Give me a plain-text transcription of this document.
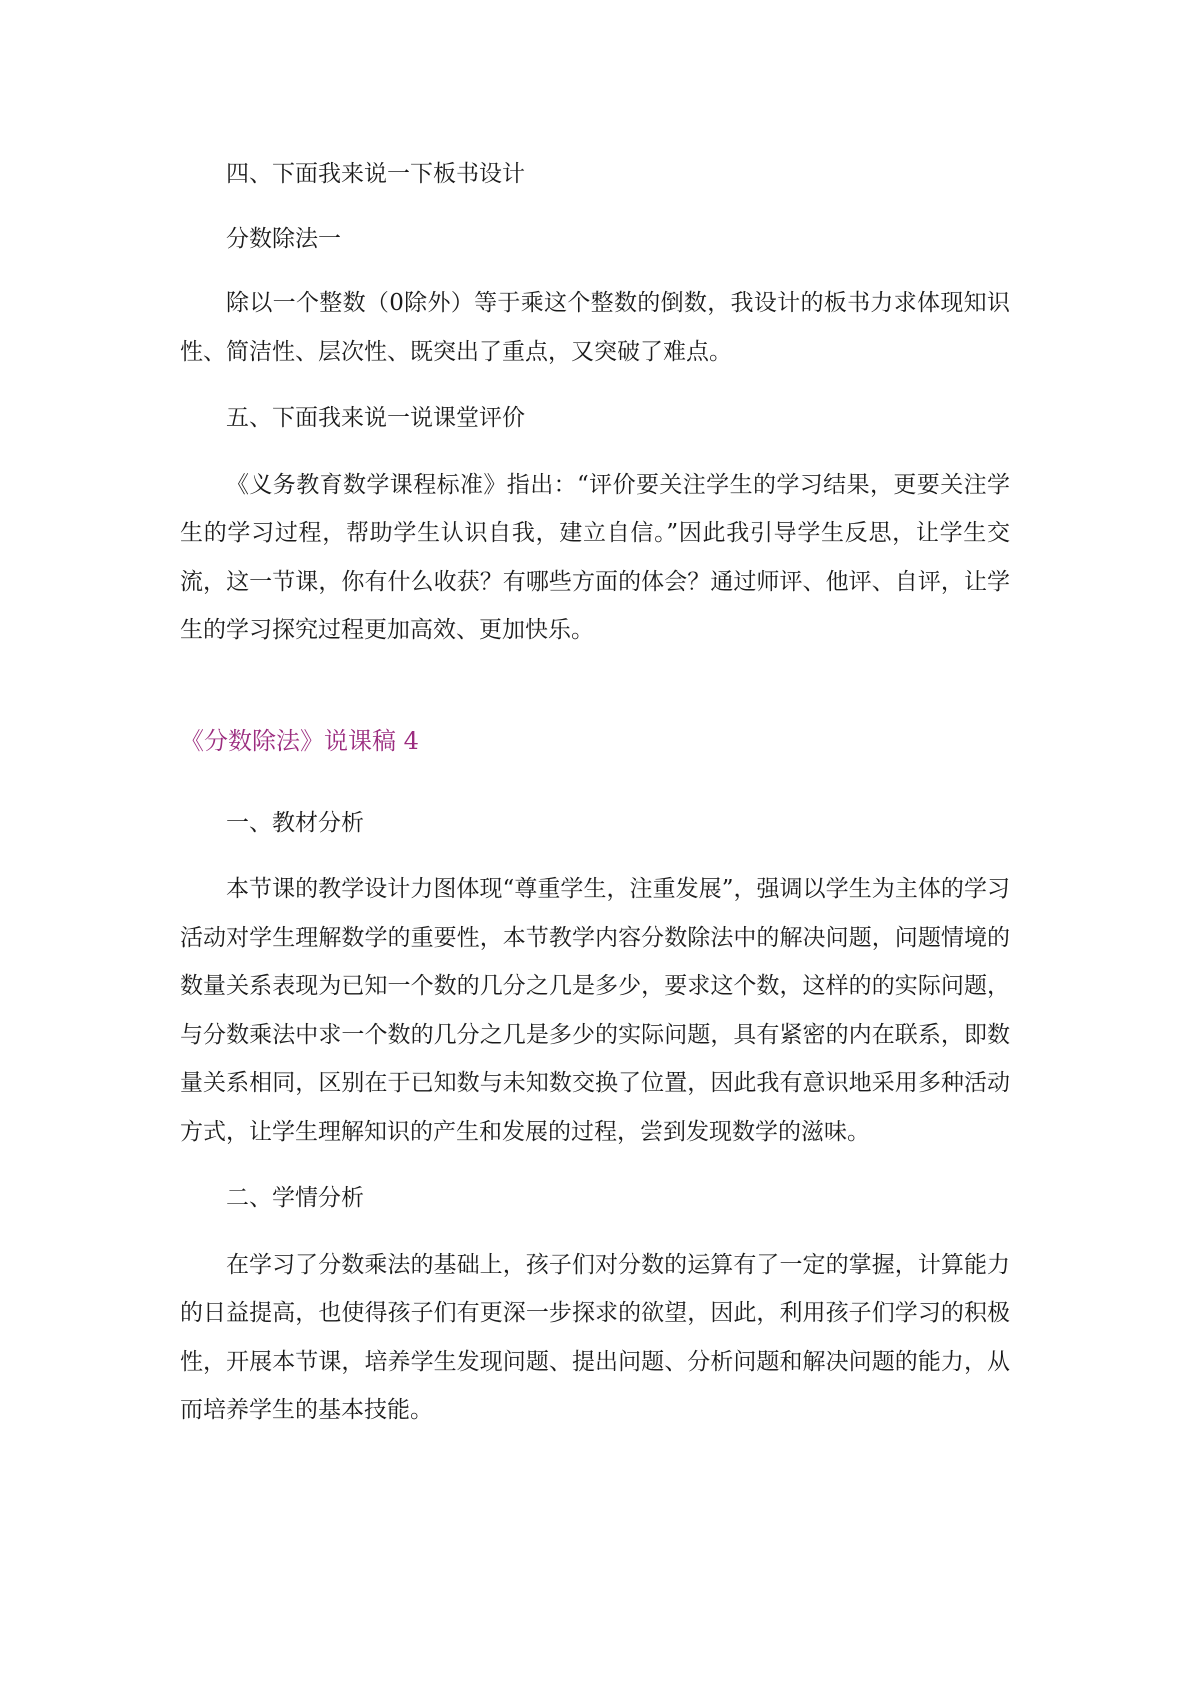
四、下面我来说一下板书设计

分数除法一

除以一个整数（0除外）等于乘这个整数的倒数，我设计的板书力求体现知识性、简洁性、层次性、既突出了重点，又突破了难点。

五、下面我来说一说课堂评价

《义务教育数学课程标准》指出：“评价要关注学生的学习结果，更要关注学生的学习过程，帮助学生认识自我，建立自信。”因此我引导学生反思，让学生交流，这一节课，你有什么收获？有哪些方面的体会？通过师评、他评、自评，让学生的学习探究过程更加高效、更加快乐。

《分数除法》说课稿 4

一、教材分析

本节课的教学设计力图体现“尊重学生，注重发展”，强调以学生为主体的学习活动对学生理解数学的重要性，本节教学内容分数除法中的解决问题，问题情境的数量关系表现为已知一个数的几分之几是多少，要求这个数，这样的的实际问题，与分数乘法中求一个数的几分之几是多少的实际问题，具有紧密的内在联系，即数量关系相同，区别在于已知数与未知数交换了位置，因此我有意识地采用多种活动方式，让学生理解知识的产生和发展的过程，尝到发现数学的滋味。

二、学情分析

在学习了分数乘法的基础上，孩子们对分数的运算有了一定的掌握，计算能力的日益提高，也使得孩子们有更深一步探求的欲望，因此，利用孩子们学习的积极性，开展本节课，培养学生发现问题、提出问题、分析问题和解决问题的能力，从而培养学生的基本技能。
